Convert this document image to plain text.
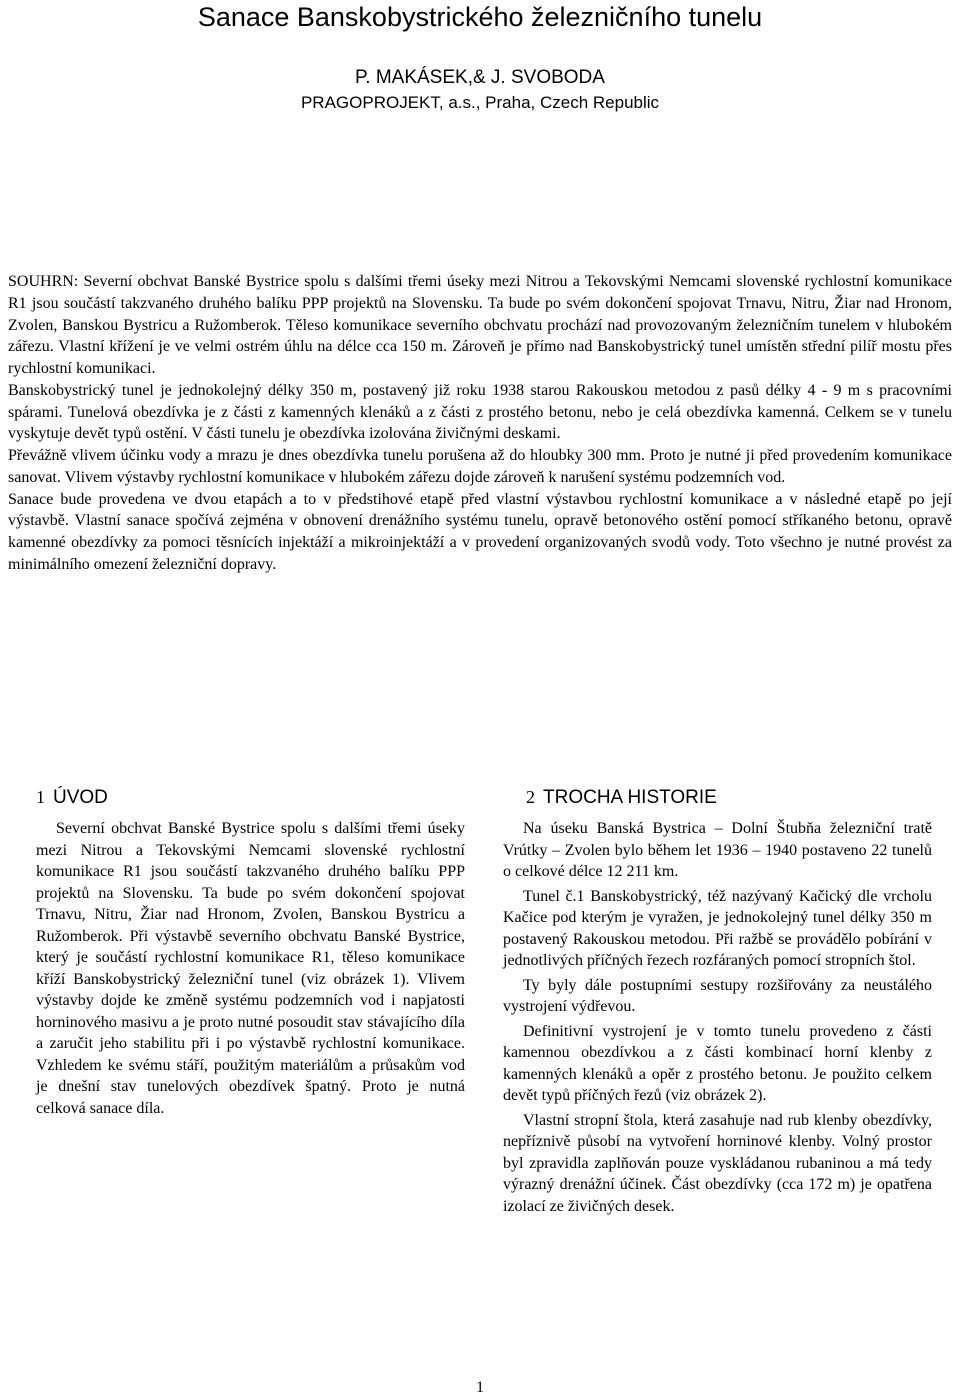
Sanace Banskobystrického železničního tunelu
P. MAKÁSEK,& J. SVOBODA
PRAGOPROJEKT, a.s., Praha, Czech Republic

SOUHRN: Severní obchvat Banské Bystrice spolu s dalšími třemi úseky mezi Nitrou a Tekovskými Nemcami slovenské rychlostní komunikace R1 jsou součástí takzvaného druhého balíku PPP projektů na Slovensku. Ta bude po svém dokončení spojovat Trnavu, Nitru, Žiar nad Hronom, Zvolen, Banskou Bystricu a Ružomberok. Těleso komunikace severního obchvatu prochází nad provozovaným železničním tunelem v hlubokém zářezu. Vlastní křížení je ve velmi ostrém úhlu na délce cca 150 m. Zároveň je přímo nad Banskobystrický tunel umístěn střední pilíř mostu přes rychlostní komunikaci.

Banskobystrický tunel je jednokolejný délky 350 m, postavený již roku 1938 starou Rakouskou metodou z pasů délky 4 - 9 m s pracovními spárami. Tunelová obezdívka je z části z kamenných klenáků a z části z prostého betonu, nebo je celá obezdívka kamenná. Celkem se v tunelu vyskytuje devět typů ostění. V části tunelu je obezdívka izolována živičnými deskami.

Převážně vlivem účinku vody a mrazu je dnes obezdívka tunelu porušena až do hloubky 300 mm. Proto je nutné ji před provedením komunikace sanovat. Vlivem výstavby rychlostní komunikace v hlubokém zářezu dojde zároveň k narušení systému podzemních vod.

Sanace bude provedena ve dvou etapách a to v předstihové etapě před vlastní výstavbou rychlostní komunikace a v následné etapě po její výstavbě. Vlastní sanace spočívá zejména v obnovení drenážního systému tunelu, opravě betonového ostění pomocí stříkaného betonu, opravě kamenné obezdívky za pomoci těsnících injektáží a mikroinjektáží a v provedení organizovaných svodů vody. Toto všechno je nutné provést za minimálního omezení železniční dopravy.

1 ÚVOD	2 TROCHA HISTORIE

Severní obchvat Banské Bystrice spolu s dalšími třemi úseky mezi Nitrou a Tekovskými Nemcami slovenské rychlostní komunikace R1 jsou součástí takzvaného druhého balíku PPP projektů na Slovensku. Ta bude po svém dokončení spojovat Trnavu, Nitru, Žiar nad Hronom, Zvolen, Banskou Bystricu a Ružomberok. Při výstavbě severního obchvatu Banské Bystrice, který je součástí rychlostní komunikace R1, těleso komunikace kříží Banskobystrický železniční tunel (viz obrázek 1). Vlivem výstavby dojde ke změně systému podzemních vod i napjatosti horninového masivu a je proto nutné posoudit stav stávajícího díla a zaručit jeho stabilitu při i po výstavbě rychlostní komunikace. Vzhledem ke svému stáří, použitým materiálům a průsakům vod je dnešní stav tunelových obezdívek špatný. Proto je nutná celková sanace díla.

Na úseku Banská Bystrica – Dolní Štubňa železniční tratě Vrútky – Zvolen bylo během let 1936 – 1940 postaveno 22 tunelů o celkové délce 12 211 km.

Tunel č.1 Banskobystrický, též nazývaný Kačický dle vrcholu Kačice pod kterým je vyražen, je jednokolejný tunel délky 350 m postavený Rakouskou metodou. Při ražbě se provádělo pobírání v jednotlivých příčných řezech rozfáraných pomocí stropních štol.

Ty byly dále postupními sestupy rozšiřovány za neustálého vystrojení výdřevou.

Definitivní vystrojení je v tomto tunelu provedeno z části kamennou obezdívkou a z části kombinací horní klenby z kamenných klenáků a opěr z prostého betonu. Je použito celkem devět typů příčných řezů (viz obrázek 2).

Vlastní stropní štola, která zasahuje nad rub klenby obezdívky, nepříznivě působí na vytvoření horninové klenby. Volný prostor byl zpravidla zaplňován pouze vyskládanou rubaninou a má tedy výrazný drenážní účinek. Část obezdívky (cca 172 m) je opatřena izolací ze živičných desek.

1
